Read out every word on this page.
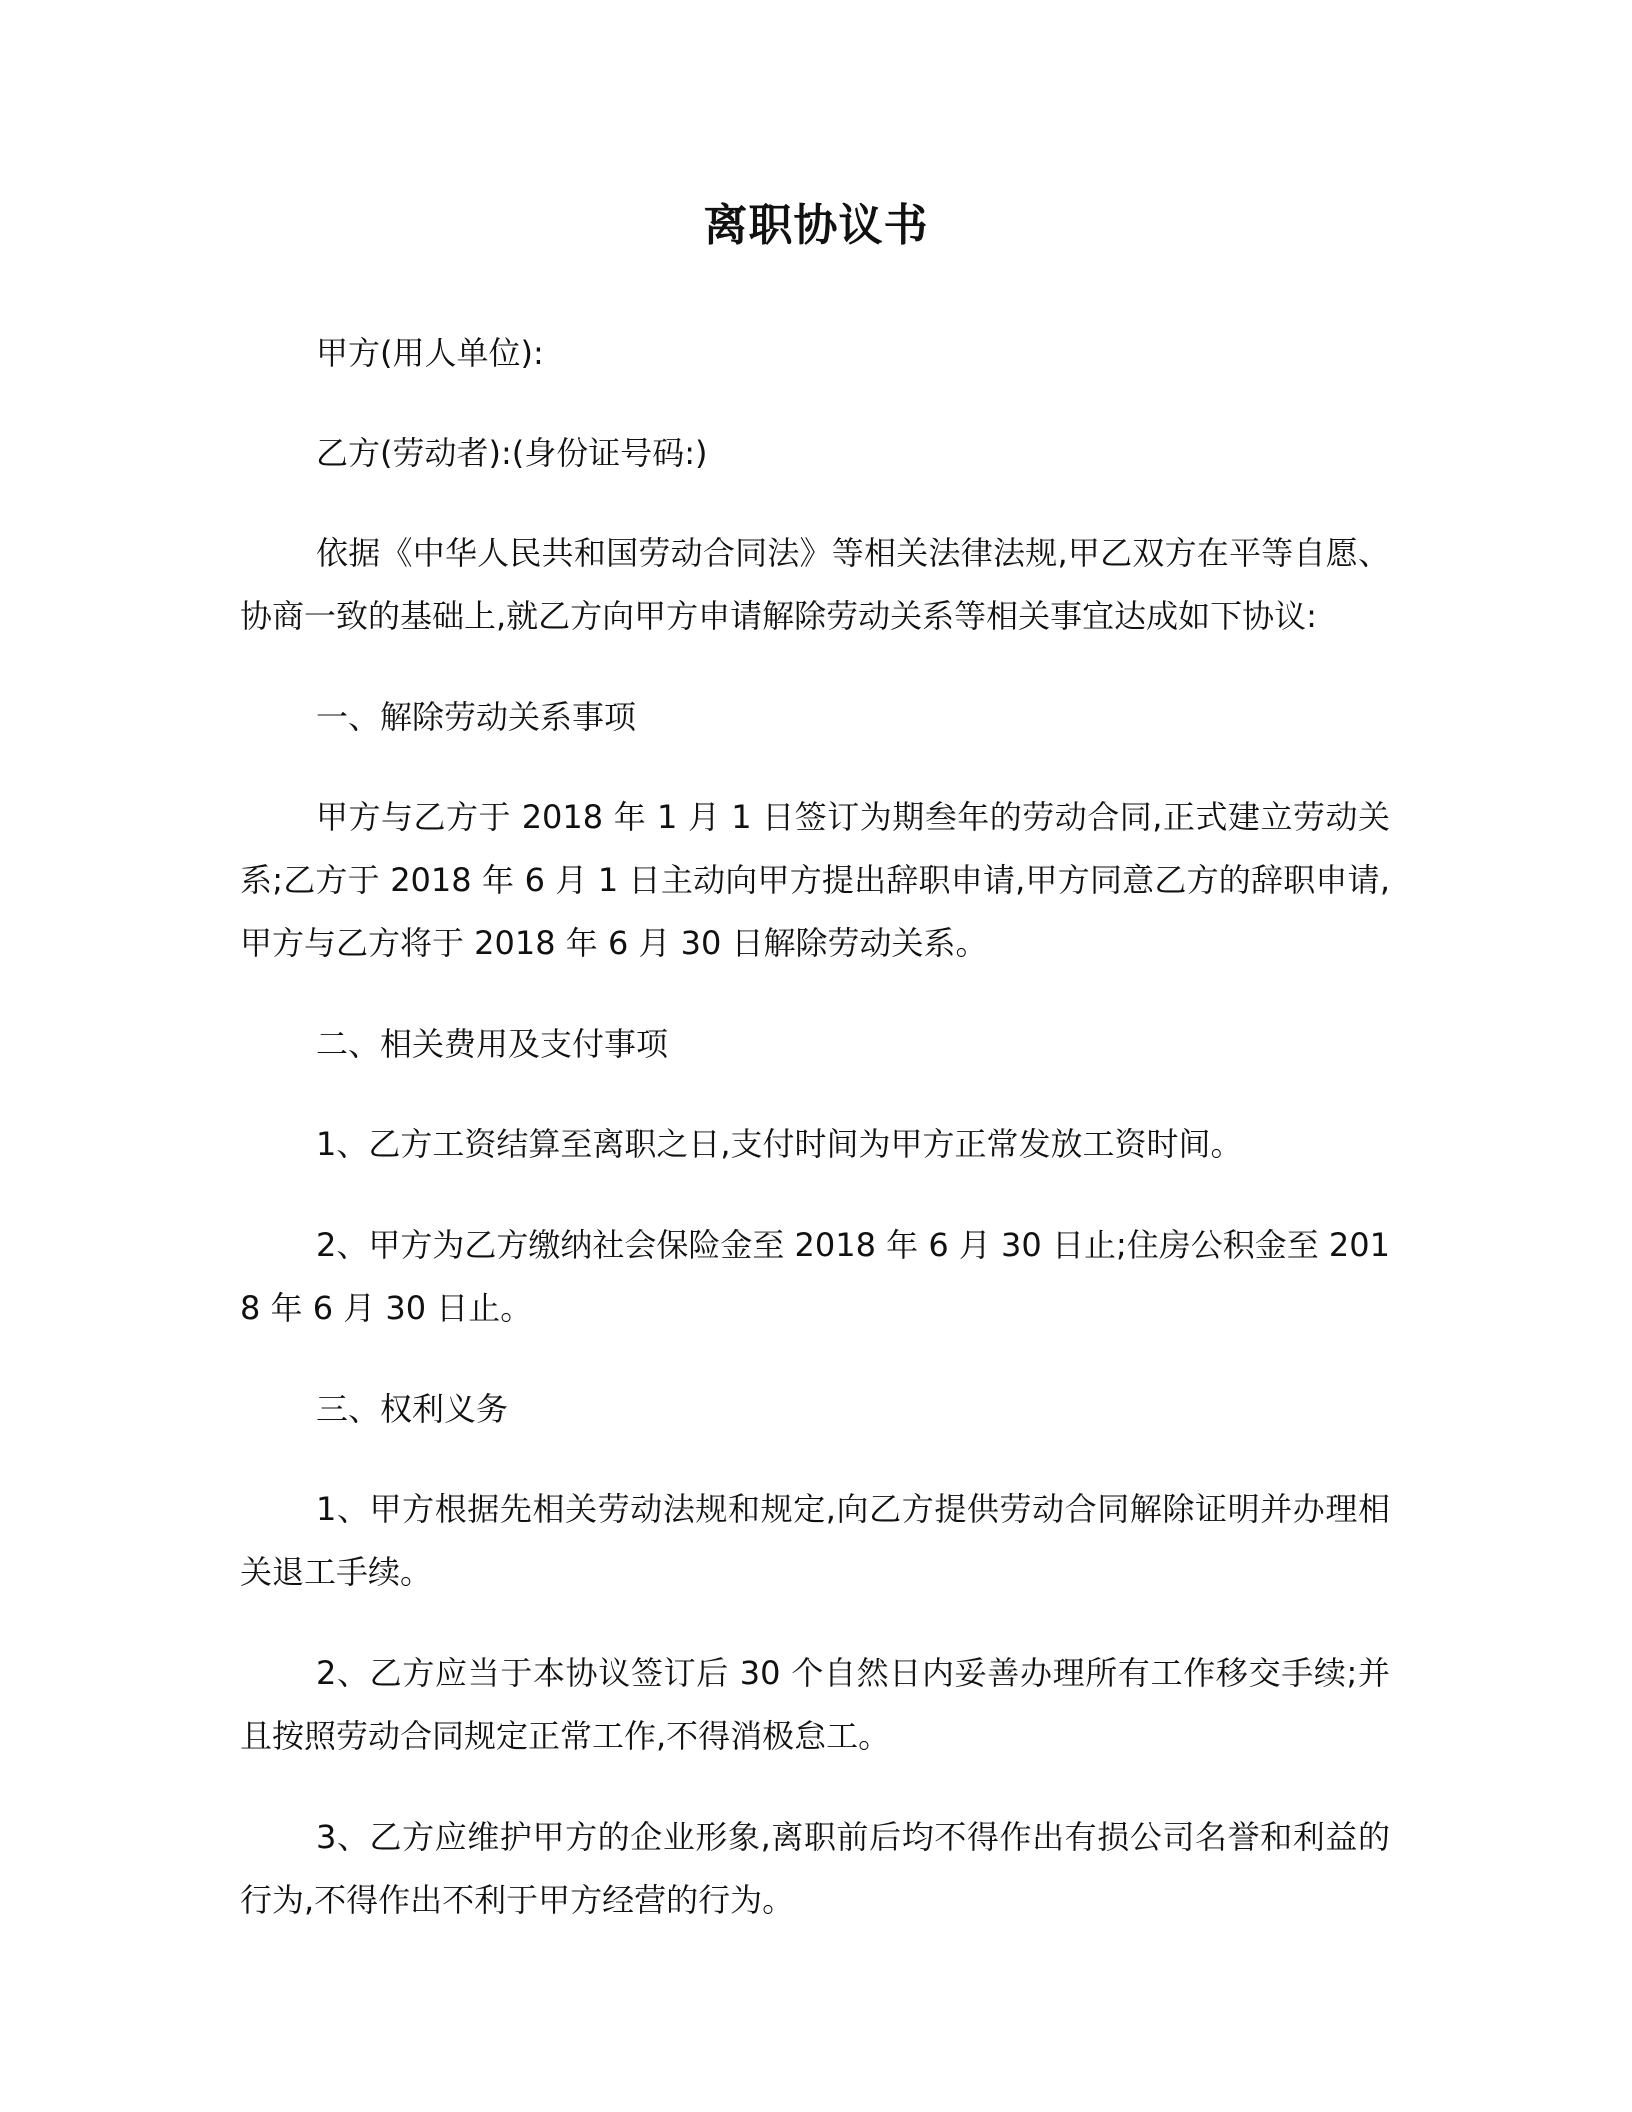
离职协议书

甲方(用人单位):

乙方(劳动者):(身份证号码:)

依据《中华人民共和国劳动合同法》等相关法律法规,甲乙双方在平等自愿、协商一致的基础上,就乙方向甲方申请解除劳动关系等相关事宜达成如下协议:

一、解除劳动关系事项

甲方与乙方于 2018 年 1 月 1 日签订为期叁年的劳动合同,正式建立劳动关系;乙方于 2018 年 6 月 1 日主动向甲方提出辞职申请,甲方同意乙方的辞职申请,甲方与乙方将于 2018 年 6 月 30 日解除劳动关系。

二、相关费用及支付事项

1、乙方工资结算至离职之日,支付时间为甲方正常发放工资时间。

2、甲方为乙方缴纳社会保险金至 2018 年 6 月 30 日止;住房公积金至 2018 年 6 月 30 日止。

三、权利义务

1、甲方根据先相关劳动法规和规定,向乙方提供劳动合同解除证明并办理相关退工手续。

2、乙方应当于本协议签订后 30 个自然日内妥善办理所有工作移交手续;并且按照劳动合同规定正常工作,不得消极怠工。

3、乙方应维护甲方的企业形象,离职前后均不得作出有损公司名誉和利益的行为,不得作出不利于甲方经营的行为。
